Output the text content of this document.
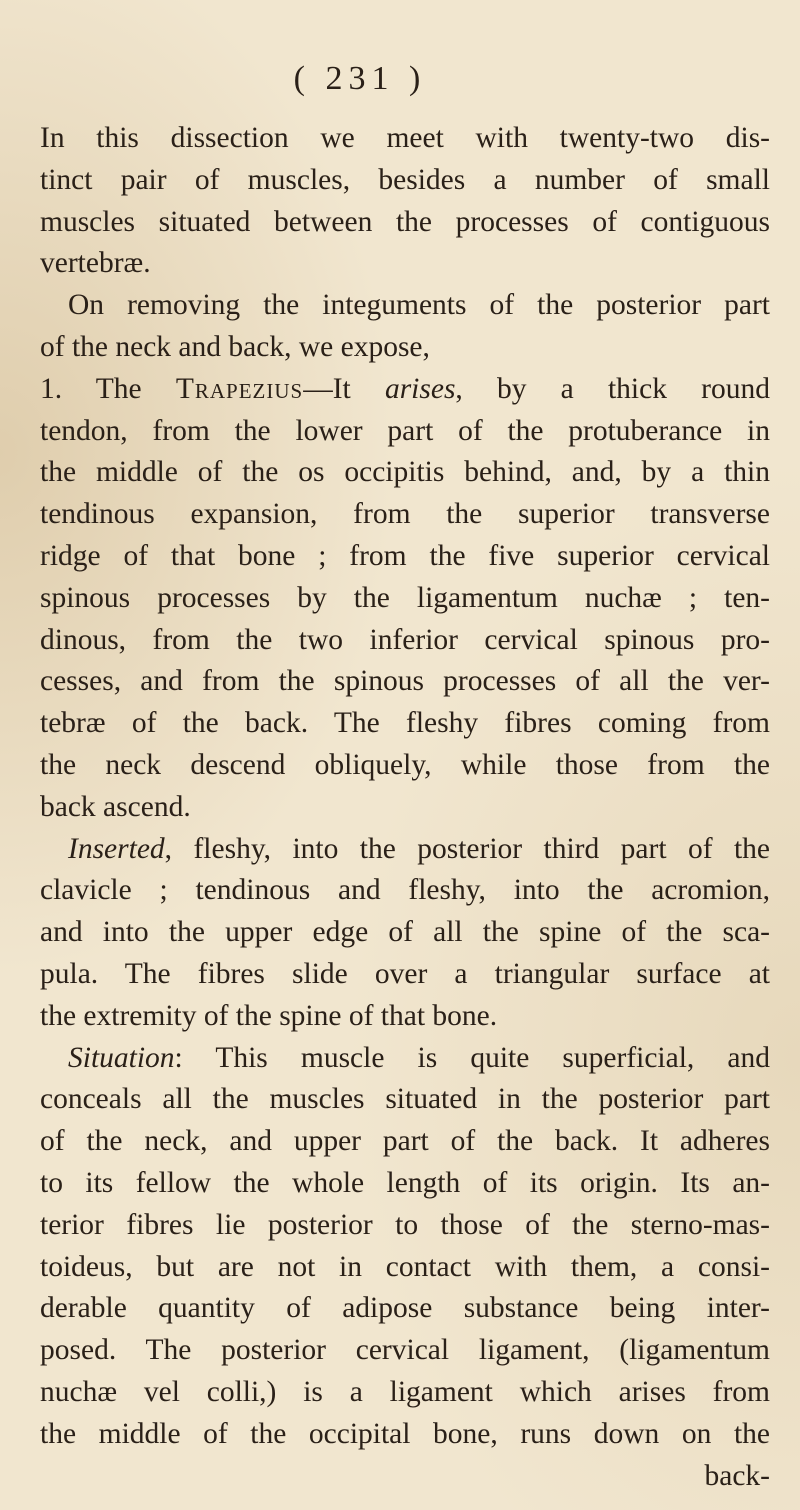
( 231 )
In this dissection we meet with twenty-two dis-
tinct pair of muscles, besides a number of small
muscles situated between the processes of contiguous
vertebræ.
On removing the integuments of the posterior part
of the neck and back, we expose,
1. The Trapezius—It arises, by a thick round
tendon, from the lower part of the protuberance in
the middle of the os occipitis behind, and, by a thin
tendinous expansion, from the superior transverse
ridge of that bone ; from the five superior cervical
spinous processes by the ligamentum nuchæ ; ten-
dinous, from the two inferior cervical spinous pro-
cesses, and from the spinous processes of all the ver-
tebræ of the back. The fleshy fibres coming from
the neck descend obliquely, while those from the
back ascend.
Inserted, fleshy, into the posterior third part of the
clavicle ; tendinous and fleshy, into the acromion,
and into the upper edge of all the spine of the sca-
pula. The fibres slide over a triangular surface at
the extremity of the spine of that bone.
Situation: This muscle is quite superficial, and
conceals all the muscles situated in the posterior part
of the neck, and upper part of the back. It adheres
to its fellow the whole length of its origin. Its an-
terior fibres lie posterior to those of the sterno-mas-
toideus, but are not in contact with them, a consi-
derable quantity of adipose substance being inter-
posed. The posterior cervical ligament, (ligamentum
nuchæ vel colli,) is a ligament which arises from
the middle of the occipital bone, runs down on the
back-
